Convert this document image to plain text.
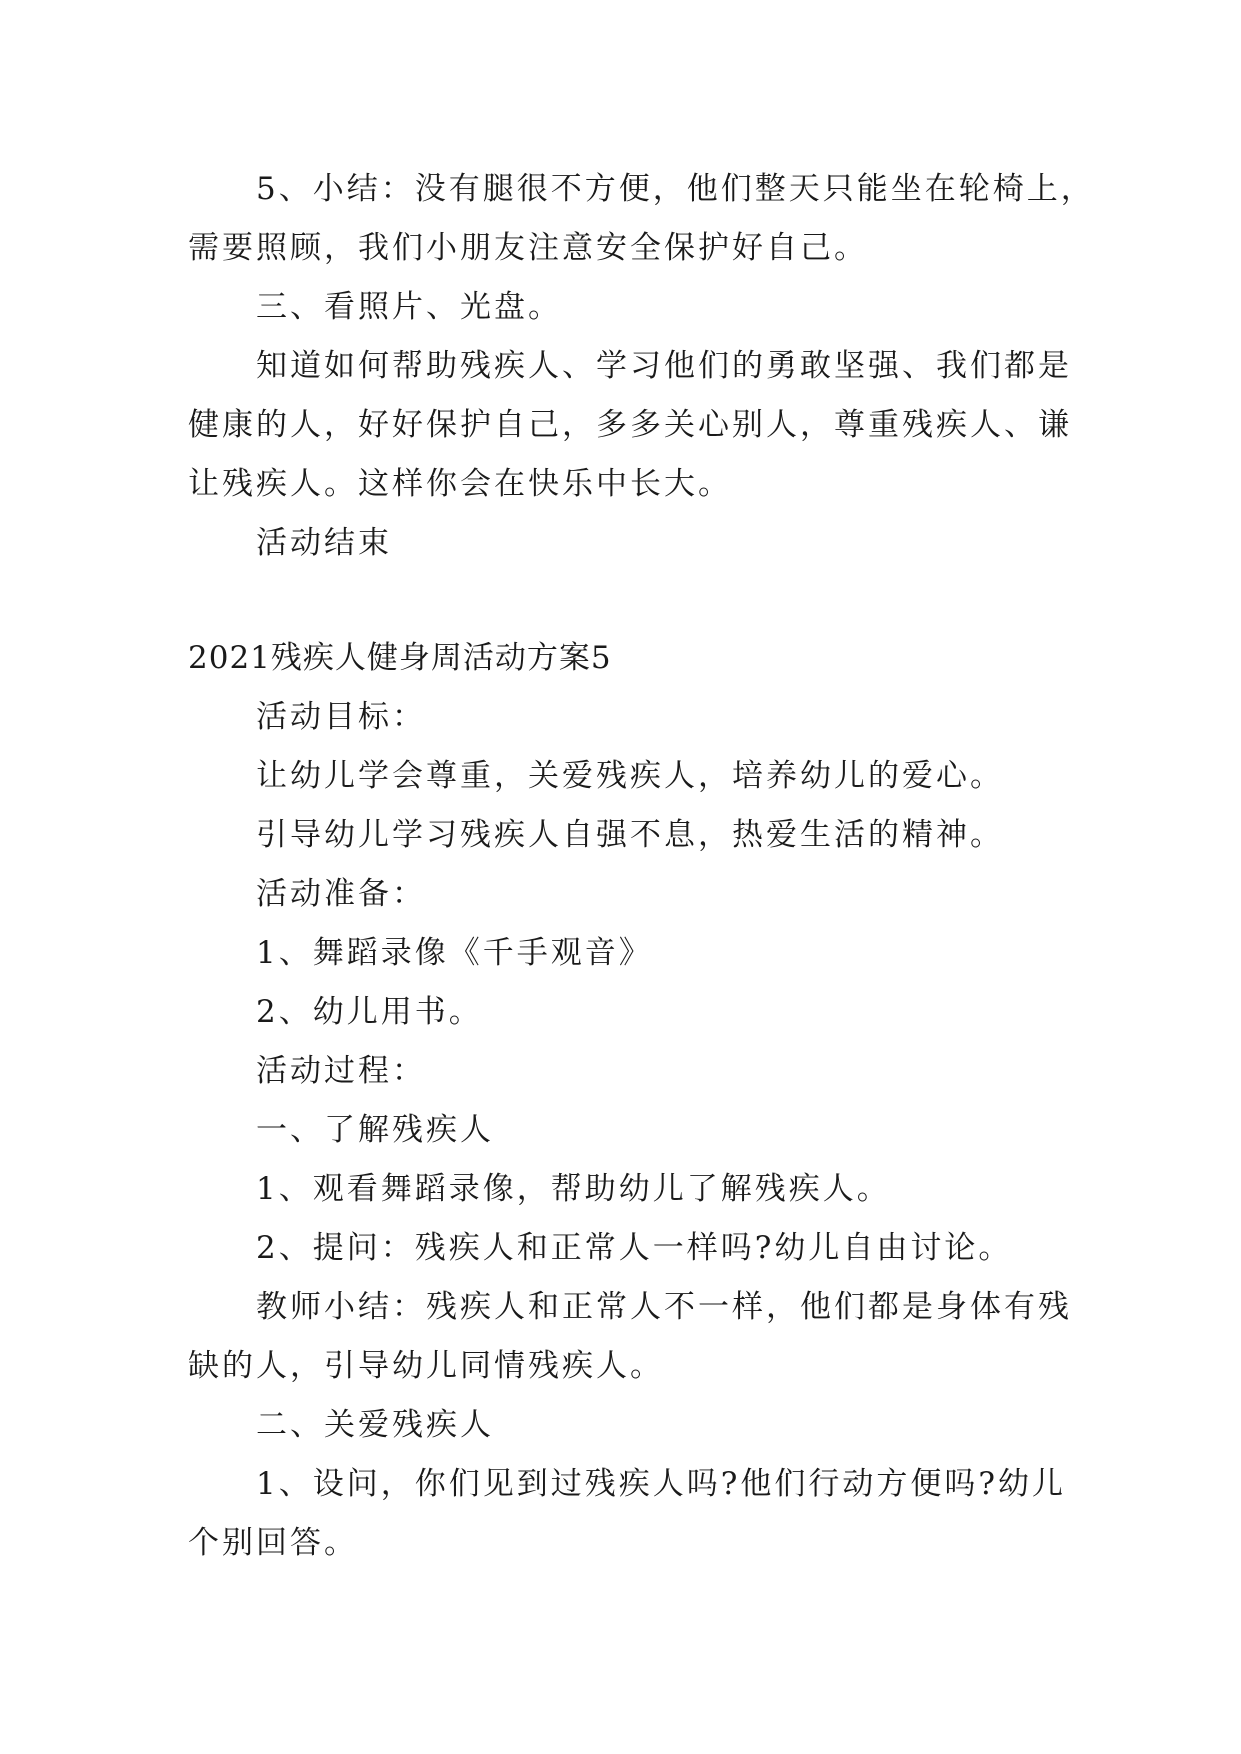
5、小结：没有腿很不方便，他们整天只能坐在轮椅上，

需要照顾，我们小朋友注意安全保护好自己。

三、看照片、光盘。

知道如何帮助残疾人、学习他们的勇敢坚强、我们都是

健康的人，好好保护自己，多多关心别人，尊重残疾人、谦

让残疾人。这样你会在快乐中长大。

活动结束

2021残疾人健身周活动方案5

活动目标：

让幼儿学会尊重，关爱残疾人，培养幼儿的爱心。

引导幼儿学习残疾人自强不息，热爱生活的精神。

活动准备：

1、舞蹈录像《千手观音》

2、幼儿用书。

活动过程：

一、了解残疾人

1、观看舞蹈录像，帮助幼儿了解残疾人。

2、提问：残疾人和正常人一样吗?幼儿自由讨论。

教师小结：残疾人和正常人不一样，他们都是身体有残

缺的人，引导幼儿同情残疾人。

二、关爱残疾人

1、设问，你们见到过残疾人吗?他们行动方便吗?幼儿

个别回答。
